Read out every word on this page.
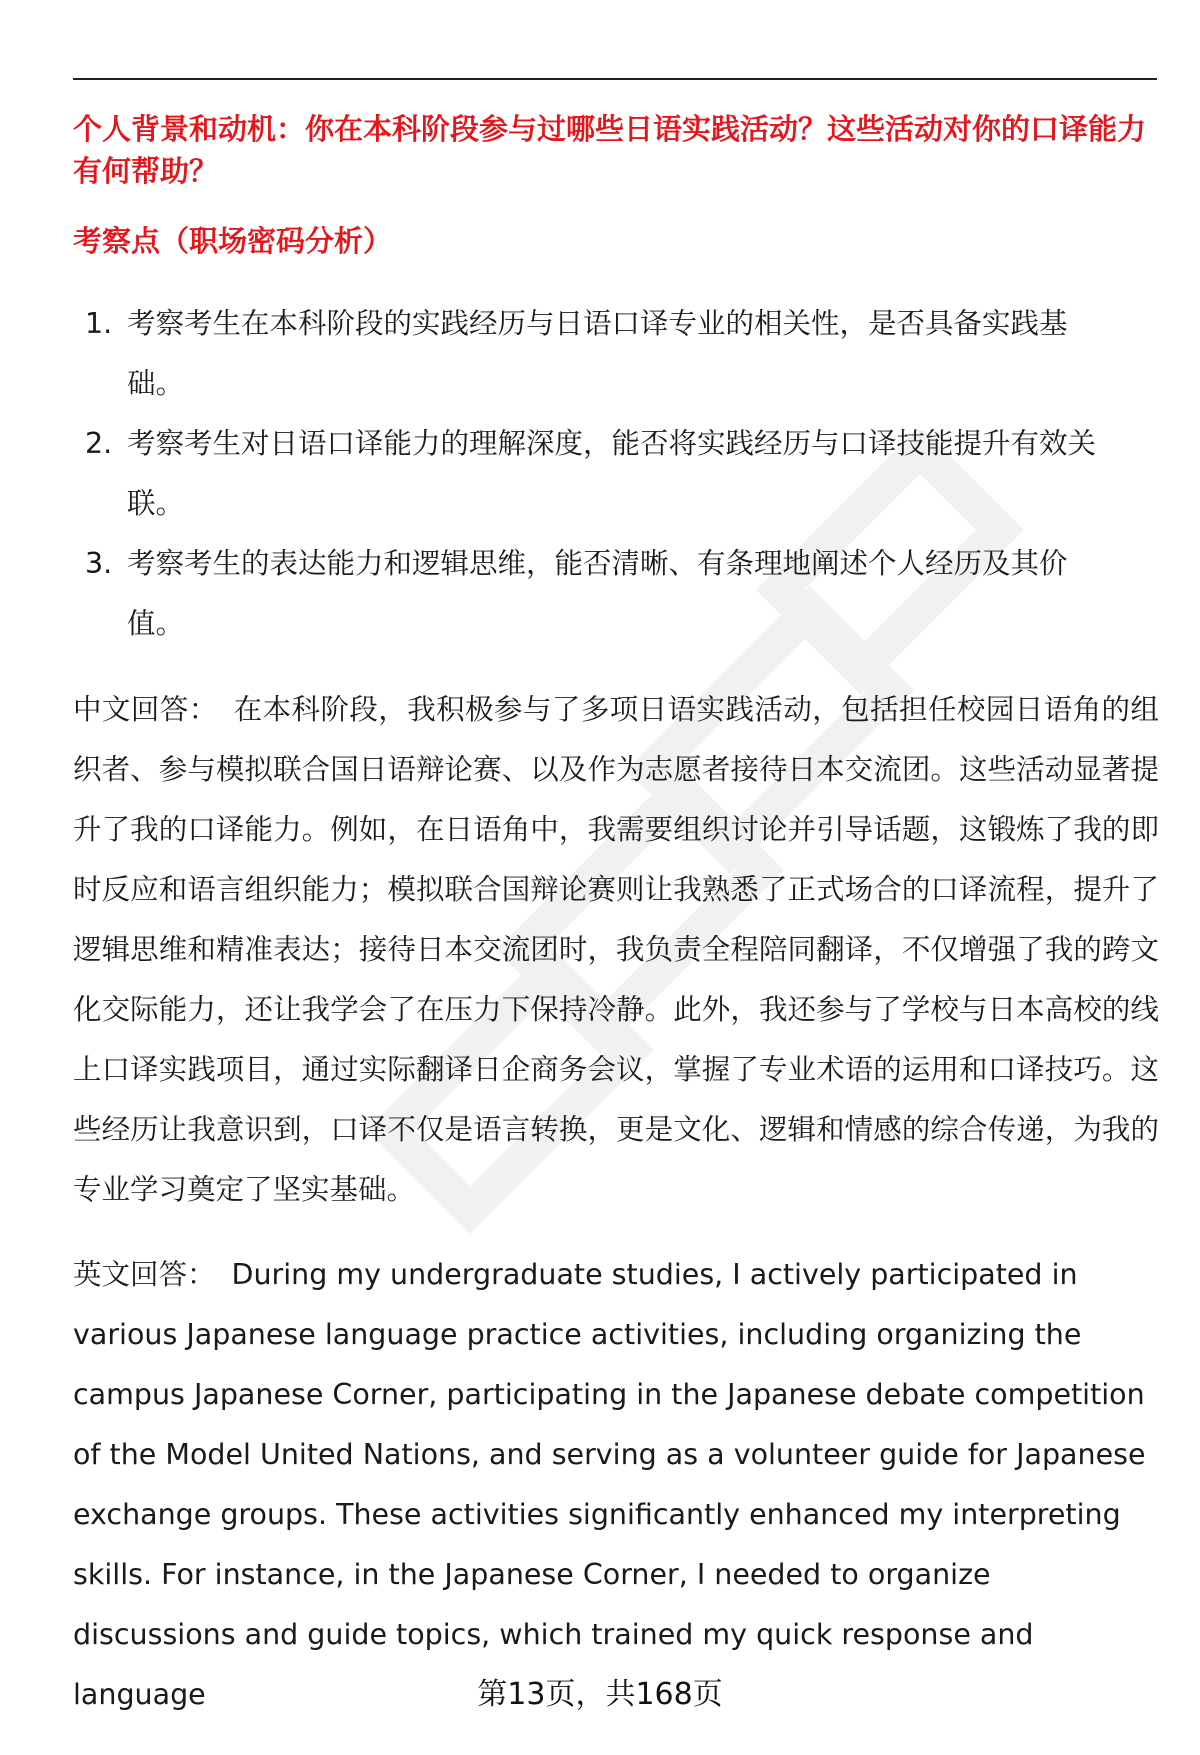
个人背景和动机：你在本科阶段参与过哪些日语实践活动？这些活动对你的口译能力有何帮助？
考察点（职场密码分析）
1. 考察考生在本科阶段的实践经历与日语口译专业的相关性，是否具备实践基础。
2. 考察考生对日语口译能力的理解深度，能否将实践经历与口译技能提升有效关联。
3. 考察考生的表达能力和逻辑思维，能否清晰、有条理地阐述个人经历及其价值。

中文回答： 在本科阶段，我积极参与了多项日语实践活动，包括担任校园日语角的组织者、参与模拟联合国日语辩论赛、以及作为志愿者接待日本交流团。这些活动显著提升了我的口译能力。例如，在日语角中，我需要组织讨论并引导话题，这锻炼了我的即时反应和语言组织能力；模拟联合国辩论赛则让我熟悉了正式场合的口译流程，提升了逻辑思维和精准表达；接待日本交流团时，我负责全程陪同翻译，不仅增强了我的跨文化交际能力，还让我学会了在压力下保持冷静。此外，我还参与了学校与日本高校的线上口译实践项目，通过实际翻译日企商务会议，掌握了专业术语的运用和口译技巧。这些经历让我意识到，口译不仅是语言转换，更是文化、逻辑和情感的综合传递，为我的专业学习奠定了坚实基础。

英文回答： During my undergraduate studies, I actively participated in various Japanese language practice activities, including organizing the campus Japanese Corner, participating in the Japanese debate competition of the Model United Nations, and serving as a volunteer guide for Japanese exchange groups. These activities significantly enhanced my interpreting skills. For instance, in the Japanese Corner, I needed to organize discussions and guide topics, which trained my quick response and language	第13页，共168页
